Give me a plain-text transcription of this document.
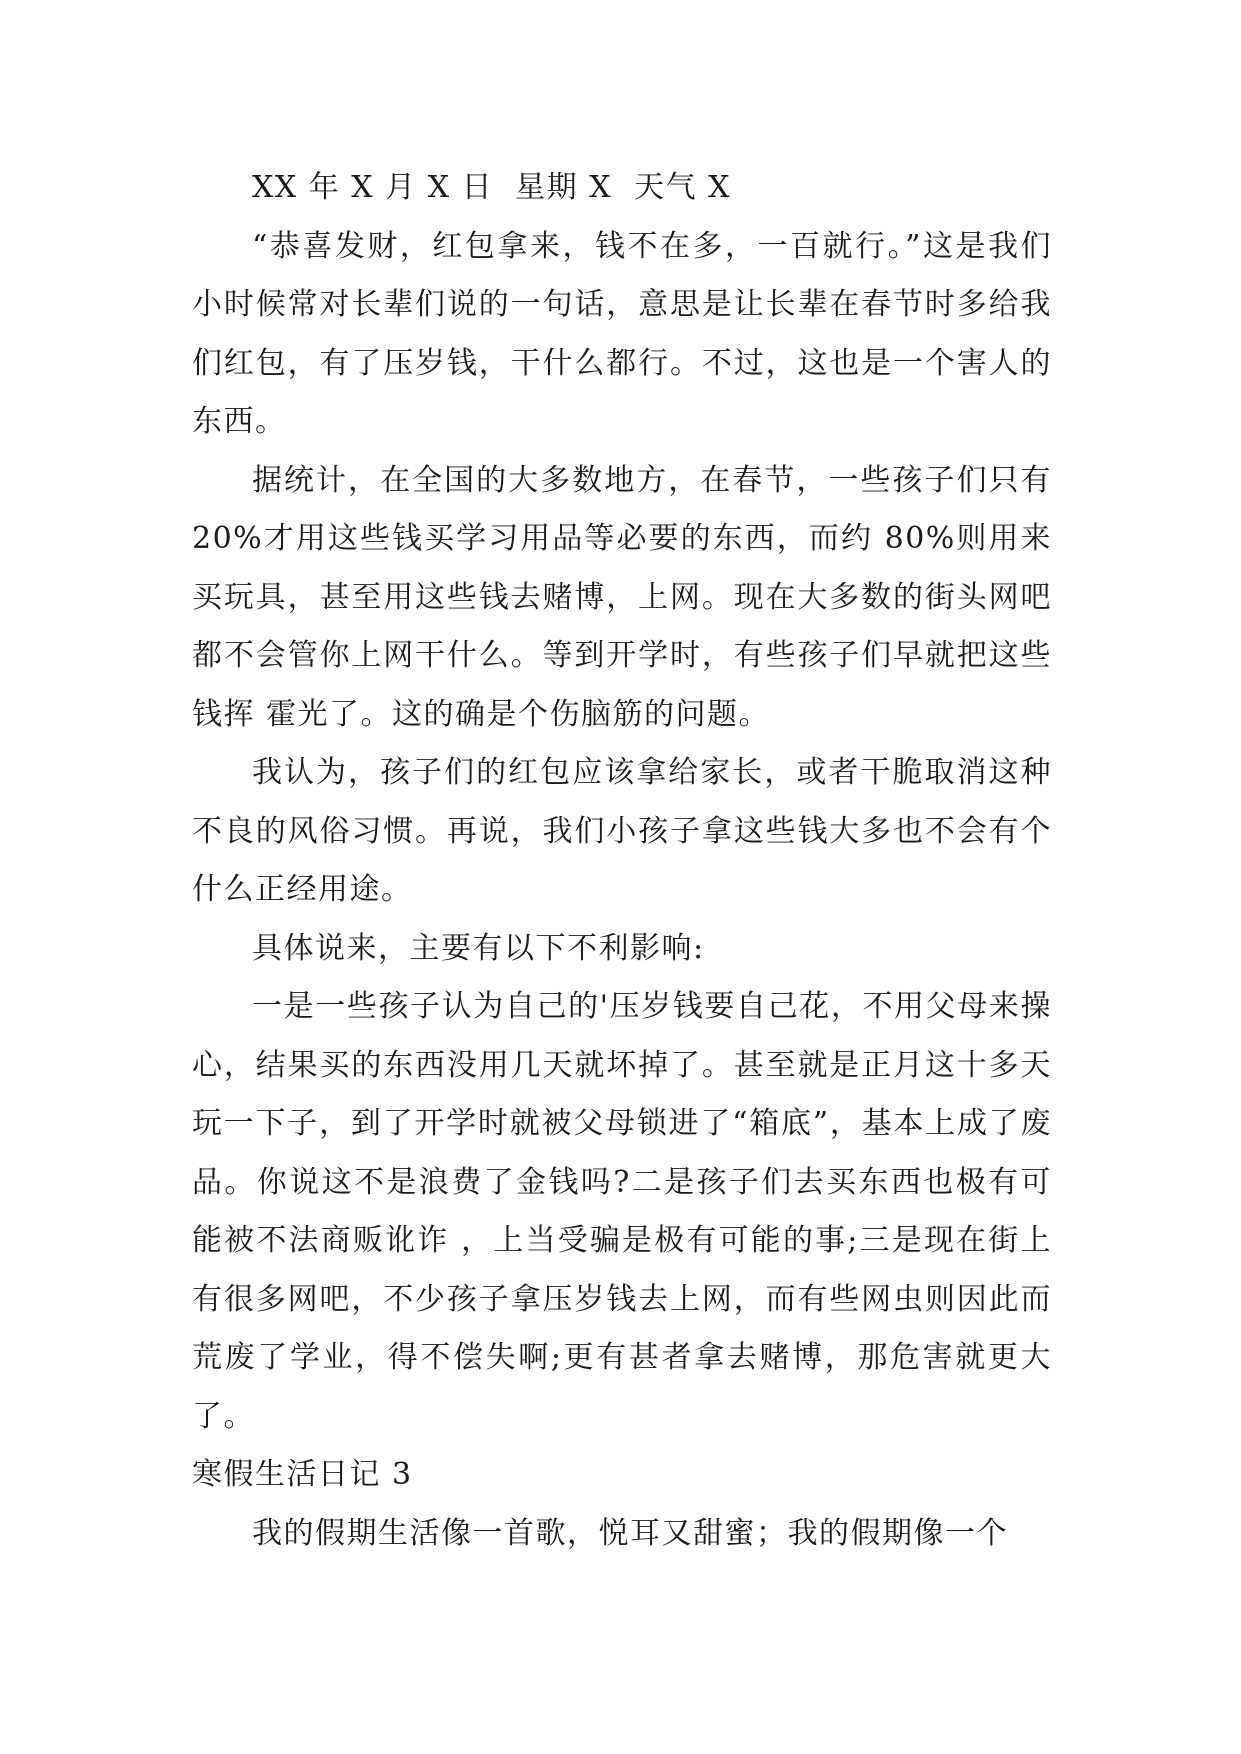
XX 年 X 月 X 日  星期 X  天气 X

“恭喜发财，红包拿来，钱不在多，一百就行。”这是我们小时候常对长辈们说的一句话，意思是让长辈在春节时多给我们红包，有了压岁钱，干什么都行。不过，这也是一个害人的东西。

据统计，在全国的大多数地方，在春节，一些孩子们只有 20%才用这些钱买学习用品等必要的东西，而约 80%则用来买玩具，甚至用这些钱去赌博，上网。现在大多数的街头网吧都不会管你上网干什么。等到开学时，有些孩子们早就把这些钱挥 霍光了。这的确是个伤脑筋的问题。

我认为，孩子们的红包应该拿给家长，或者干脆取消这种不良的风俗习惯。再说，我们小孩子拿这些钱大多也不会有个什么正经用途。

具体说来，主要有以下不利影响:

一是一些孩子认为自己的'压岁钱要自己花，不用父母来操心，结果买的东西没用几天就坏掉了。甚至就是正月这十多天玩一下子，到了开学时就被父母锁进了“箱底”，基本上成了废品。你说这不是浪费了金钱吗?二是孩子们去买东西也极有可能被不法商贩讹诈 ，上当受骗是极有可能的事;三是现在街上有很多网吧，不少孩子拿压岁钱去上网，而有些网虫则因此而荒废了学业，得不偿失啊;更有甚者拿去赌博，那危害就更大了。

寒假生活日记 3

我的假期生活像一首歌，悦耳又甜蜜；我的假期像一个
